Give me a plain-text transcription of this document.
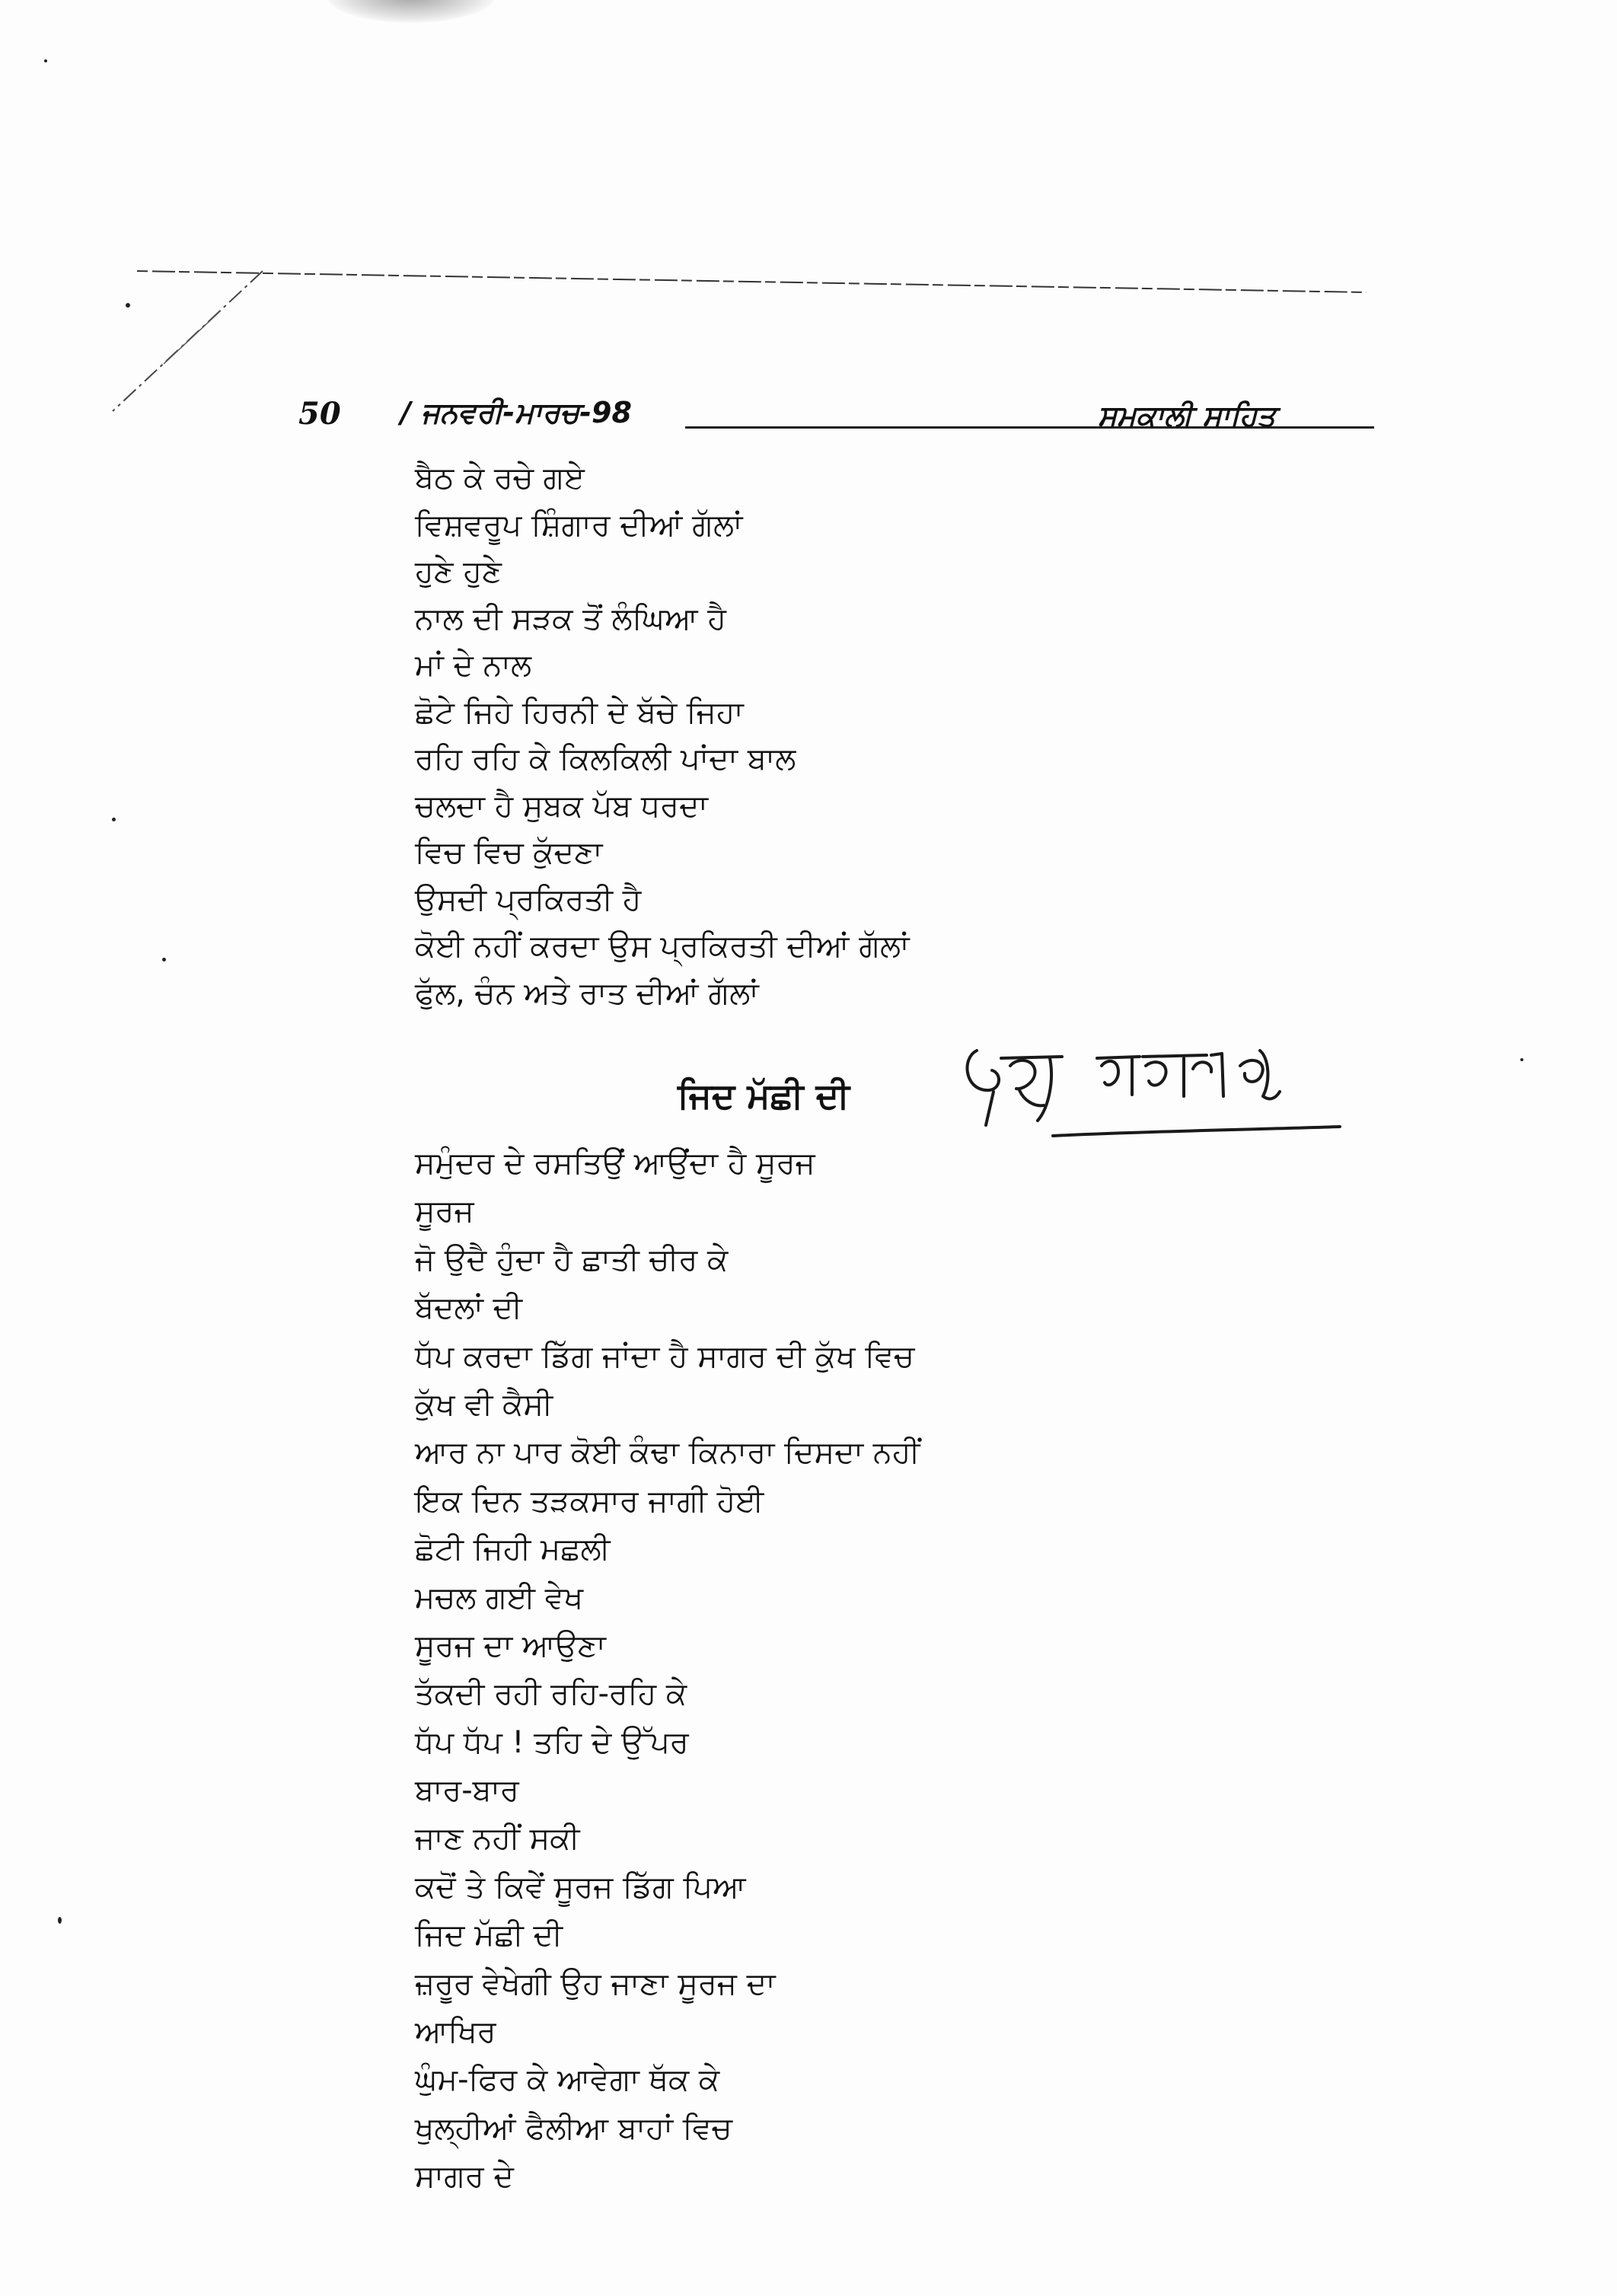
50 / ਜਨਵਰੀ-ਮਾਰਚ-98	ਸਮਕਾਲੀ ਸਾਹਿਤ
ਬੈਠ ਕੇ ਰਚੇ ਗਏ
ਵਿਸ਼ਵਰੂਪ ਸ਼ਿੰਗਾਰ ਦੀਆਂ ਗੱਲਾਂ
ਹੁਣੇ ਹੁਣੇ
ਨਾਲ ਦੀ ਸੜਕ ਤੋਂ ਲੰਘਿਆ ਹੈ
ਮਾਂ ਦੇ ਨਾਲ
ਛੋਟੇ ਜਿਹੇ ਹਿਰਨੀ ਦੇ ਬੱਚੇ ਜਿਹਾ
ਰਹਿ ਰਹਿ ਕੇ ਕਿਲਕਿਲੀ ਪਾਂਦਾ ਬਾਲ
ਚਲਦਾ ਹੈ ਸੁਬਕ ਪੱਬ ਧਰਦਾ
ਵਿਚ ਵਿਚ ਕੁੱਦਣਾ
ਉਸਦੀ ਪ੍ਰਕਿਰਤੀ ਹੈ
ਕੋਈ ਨਹੀਂ ਕਰਦਾ ਉਸ ਪ੍ਰਕਿਰਤੀ ਦੀਆਂ ਗੱਲਾਂ
ਫੁੱਲ, ਚੰਨ ਅਤੇ ਰਾਤ ਦੀਆਂ ਗੱਲਾਂ
ਜਿਦ ਮੱਛੀ ਦੀ
ਸਮੁੰਦਰ ਦੇ ਰਸਤਿਉਂ ਆਉਂਦਾ ਹੈ ਸੂਰਜ
ਸੂਰਜ
ਜੋ ਉਦੈ ਹੁੰਦਾ ਹੈ ਛਾਤੀ ਚੀਰ ਕੇ
ਬੱਦਲਾਂ ਦੀ
ਧੱਪ ਕਰਦਾ ਡਿੱਗ ਜਾਂਦਾ ਹੈ ਸਾਗਰ ਦੀ ਕੁੱਖ ਵਿਚ
ਕੁੱਖ ਵੀ ਕੈਸੀ
ਆਰ ਨਾ ਪਾਰ ਕੋਈ ਕੰਢਾ ਕਿਨਾਰਾ ਦਿਸਦਾ ਨਹੀਂ
ਇਕ ਦਿਨ ਤੜਕਸਾਰ ਜਾਗੀ ਹੋਈ
ਛੋਟੀ ਜਿਹੀ ਮਛਲੀ
ਮਚਲ ਗਈ ਵੇਖ
ਸੂਰਜ ਦਾ ਆਉਣਾ
ਤੱਕਦੀ ਰਹੀ ਰਹਿ-ਰਹਿ ਕੇ
ਧੱਪ ਧੱਪ ! ਤਹਿ ਦੇ ਉੱਪਰ
ਬਾਰ-ਬਾਰ
ਜਾਣ ਨਹੀਂ ਸਕੀ
ਕਦੋਂ ਤੇ ਕਿਵੇਂ ਸੂਰਜ ਡਿੱਗ ਪਿਆ
ਜਿਦ ਮੱਛੀ ਦੀ
ਜ਼ਰੂਰ ਵੇਖੇਗੀ ਉਹ ਜਾਣਾ ਸੂਰਜ ਦਾ
ਆਖਿਰ
ਘੁੰਮ-ਫਿਰ ਕੇ ਆਵੇਗਾ ਥੱਕ ਕੇ
ਖੁਲ੍ਹੀਆਂ ਫੈਲੀਆ ਬਾਹਾਂ ਵਿਚ
ਸਾਗਰ ਦੇ
